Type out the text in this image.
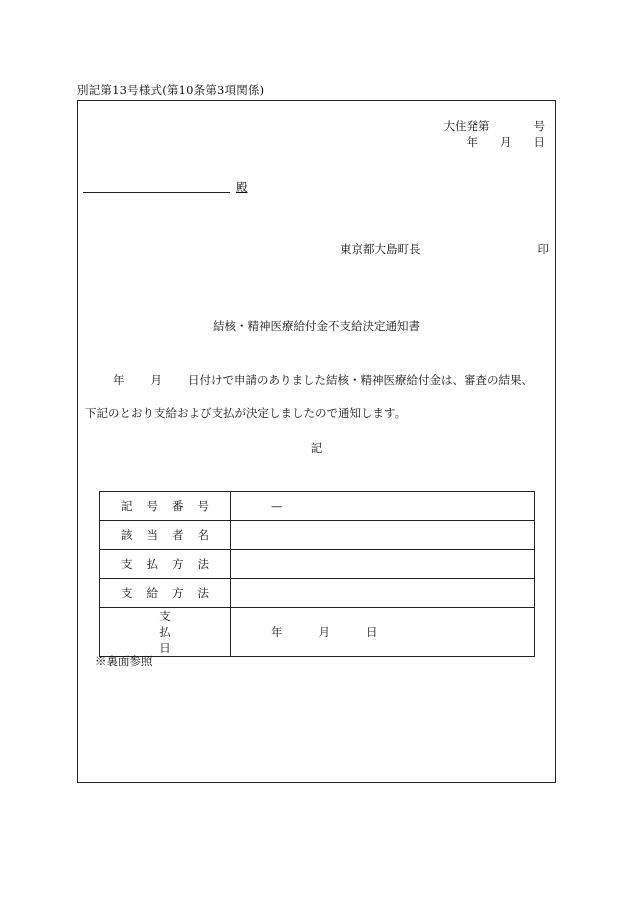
別記第13号様式(第10条第3項関係)
大住発第	号
年 月 日
殿
東京都大島町長	印
結核・精神医療給付金不支給決定通知書
年 月 日付けで申請のありました結核・精神医療給付金は、審査の結果、
下記のとおり支給および支払が決定しましたので通知します。
記
記号番号	—
該当者名	
支払方法	
支給方法	
支払日	年 月 日
※裏面参照
